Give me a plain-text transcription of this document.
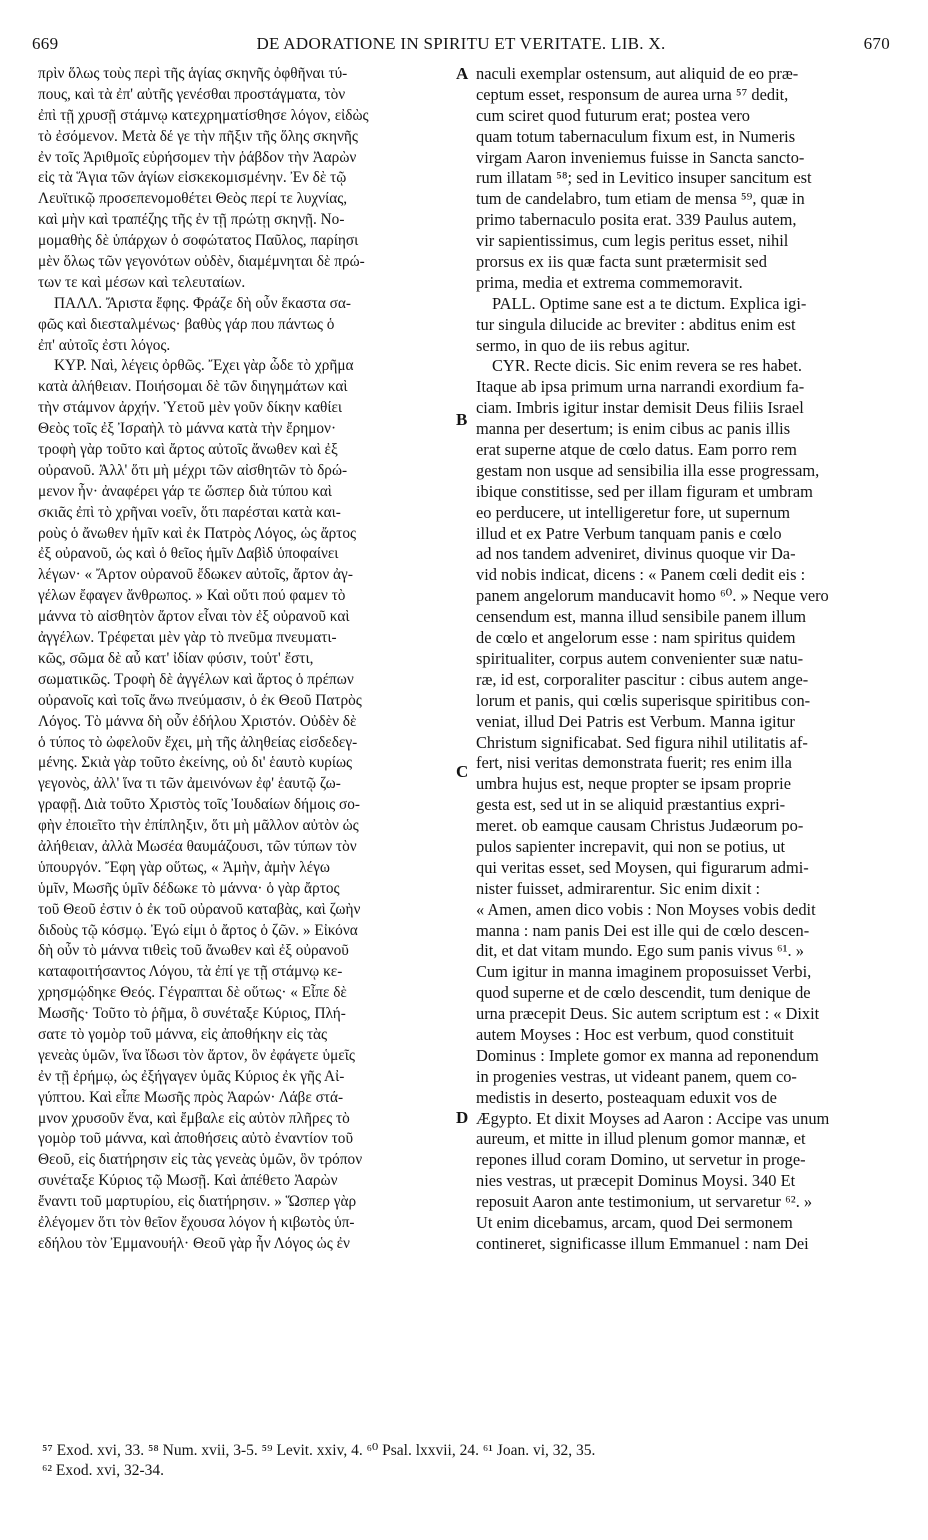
669	DE ADORATIONE IN SPIRITU ET VERITATE. LIB. X.	670
πρὶν ὅλως τοὺς περὶ τῆς ἁγίας σκηνῆς ὀφθῆναι τύ-
πους, καὶ τὰ ἐπ' αὐτῆς γενέσθαι προστάγματα, τὸν
ἐπὶ τῇ χρυσῇ στάμνῳ κατεχρηματίσθησε λόγον, εἰδὼς
τὸ ἐσόμενον. Μετὰ δέ γε τὴν πῆξιν τῆς ὅλης σκηνῆς
ἐν τοῖς Ἀριθμοῖς εὑρήσομεν τὴν ῥάβδον τὴν Ἀαρὼν
εἰς τὰ Ἅγια τῶν ἁγίων εἰσκεκομισμένην. Ἐν δὲ τῷ
Λευϊτικῷ προσεπενομοθέτει Θεὸς περί τε λυχνίας,
καὶ μὴν καὶ τραπέζης τῆς ἐν τῇ πρώτῃ σκηνῇ. Νο-
μομαθὴς δὲ ὑπάρχων ὁ σοφώτατος Παῦλος, παρίησι
μὲν ὅλως τῶν γεγονότων οὐδὲν, διαμέμνηται δὲ πρώ-
των τε καὶ μέσων καὶ τελευταίων.
ΠΑΛΛ. Ἄριστα ἔφης. Φράζε δὴ οὖν ἕκαστα σα-
φῶς καὶ διεσταλμένως· βαθὺς γάρ που πάντως ὁ
ἐπ' αὐτοῖς ἐστι λόγος.
ΚΥΡ. Ναὶ, λέγεις ὀρθῶς. Ἔχει γὰρ ὧδε τὸ χρῆμα
κατὰ ἀλήθειαν. Ποιήσομαι δὲ τῶν διηγημάτων καὶ
τὴν στάμνον ἀρχήν. Ὑετοῦ μὲν γοῦν δίκην καθίει
Θεὸς τοῖς ἐξ Ἰσραὴλ τὸ μάννα κατὰ τὴν ἔρημον·
τροφὴ γὰρ τοῦτο καὶ ἄρτος αὐτοῖς ἄνωθεν καὶ ἐξ
οὐρανοῦ. Ἀλλ' ὅτι μὴ μέχρι τῶν αἰσθητῶν τὸ δρώ-
μενον ἦν· ἀναφέρει γάρ τε ὥσπερ διὰ τύπου καὶ
σκιᾶς ἐπὶ τὸ χρῆναι νοεῖν, ὅτι παρέσται κατὰ και-
ροὺς ὁ ἄνωθεν ἡμῖν καὶ ἐκ Πατρὸς Λόγος, ὡς ἄρτος
ἐξ οὐρανοῦ, ὡς καὶ ὁ θεῖος ἡμῖν Δαβὶδ ὑποφαίνει
λέγων· « Ἄρτον οὐρανοῦ ἔδωκεν αὐτοῖς, ἄρτον ἀγ-
γέλων ἔφαγεν ἄνθρωπος. » Καὶ οὔτι πού φαμεν τὸ
μάννα τὸ αἰσθητὸν ἄρτον εἶναι τὸν ἐξ οὐρανοῦ καὶ
ἀγγέλων. Τρέφεται μὲν γὰρ τὸ πνεῦμα πνευματι-
κῶς, σῶμα δὲ αὖ κατ' ἰδίαν φύσιν, τοὑτ' ἔστι,
σωματικῶς. Τροφὴ δὲ ἀγγέλων καὶ ἄρτος ὁ πρέπων
οὐρανοῖς καὶ τοῖς ἄνω πνεύμασιν, ὁ ἐκ Θεοῦ Πατρὸς
Λόγος. Τὸ μάννα δὴ οὖν ἐδήλου Χριστόν. Οὐδὲν δὲ
ὁ τύπος τὸ ὠφελοῦν ἔχει, μὴ τῆς ἀληθείας εἰσδεδεγ-
μένης. Σκιὰ γὰρ τοῦτο ἐκείνης, οὐ δι' ἑαυτὸ κυρίως
γεγονὸς, ἀλλ' ἵνα τι τῶν ἀμεινόνων ἐφ' ἑαυτῷ ζω-
γραφῇ. Διὰ τοῦτο Χριστὸς τοῖς Ἰουδαίων δήμοις σο-
φὴν ἐποιεῖτο τὴν ἐπίπληξιν, ὅτι μὴ μᾶλλον αὐτὸν ὡς
ἀλήθειαν, ἀλλὰ Μωσέα θαυμάζουσι, τῶν τύπων τὸν
ὑπουργόν. Ἔφη γὰρ οὕτως, « Ἀμὴν, ἀμὴν λέγω
ὑμῖν, Μωσῆς ὑμῖν δέδωκε τὸ μάννα· ὁ γὰρ ἄρτος
τοῦ Θεοῦ ἐστιν ὁ ἐκ τοῦ οὐρανοῦ καταβὰς, καὶ ζωὴν
διδοὺς τῷ κόσμῳ. Ἐγώ εἰμι ὁ ἄρτος ὁ ζῶν. » Εἰκόνα
δὴ οὖν τὸ μάννα τιθεὶς τοῦ ἄνωθεν καὶ ἐξ οὐρανοῦ
καταφοιτήσαντος Λόγου, τὰ ἐπί γε τῇ στάμνῳ κε-
χρησμῴδηκε Θεός. Γέγραπται δὲ οὕτως· « Εἶπε δὲ
Μωσῆς· Τοῦτο τὸ ῥῆμα, ὃ συνέταξε Κύριος, Πλή-
σατε τὸ γομὸρ τοῦ μάννα, εἰς ἀποθήκην εἰς τὰς
γενεὰς ὑμῶν, ἵνα ἴδωσι τὸν ἄρτον, ὃν ἐφάγετε ὑμεῖς
ἐν τῇ ἐρήμῳ, ὡς ἐξήγαγεν ὑμᾶς Κύριος ἐκ γῆς Αἰ-
γύπτου. Καὶ εἶπε Μωσῆς πρὸς Ἀαρών· Λάβε στά-
μνον χρυσοῦν ἕνα, καὶ ἔμβαλε εἰς αὐτὸν πλῆρες τὸ
γομὸρ τοῦ μάννα, καὶ ἀποθήσεις αὐτὸ ἐναντίον τοῦ
Θεοῦ, εἰς διατήρησιν εἰς τὰς γενεὰς ὑμῶν, ὃν τρόπον
συνέταξε Κύριος τῷ Μωσῇ. Καὶ ἀπέθετο Ἀαρὼν
ἔναντι τοῦ μαρτυρίου, εἰς διατήρησιν. » Ὥσπερ γὰρ
ἐλέγομεν ὅτι τὸν θεῖον ἔχουσα λόγον ἡ κιβωτὸς ὑπ-
εδήλου τὸν Ἐμμανουήλ· Θεοῦ γὰρ ἦν Λόγος ὡς ἐν
naculi exemplar ostensum, aut aliquid de eo præ-
ceptum esset, responsum de aurea urna ⁵⁷ dedit,
cum sciret quod futurum erat; postea vero
quam totum tabernaculum fixum est, in Numeris
virgam Aaron inveniemus fuisse in Sancta sancto-
rum illatam ⁵⁸; sed in Levitico insuper sancitum est
tum de candelabro, tum etiam de mensa ⁵⁹, quæ in
primo tabernaculo posita erat. 339 Paulus autem,
vir sapientissimus, cum legis peritus esset, nihil
prorsus ex iis quæ facta sunt prætermisit sed
prima, media et extrema commemoravit.
PALL. Optime sane est a te dictum. Explica igi-
tur singula dilucide ac breviter : abditus enim est
sermo, in quo de iis rebus agitur.
CYR. Recte dicis. Sic enim revera se res habet.
Itaque ab ipsa primum urna narrandi exordium fa-
ciam. Imbris igitur instar demisit Deus filiis Israel
manna per desertum; is enim cibus ac panis illis
erat superne atque de cœlo datus. Eam porro rem
gestam non usque ad sensibilia illa esse progressam,
ibique constitisse, sed per illam figuram et umbram
eo perducere, ut intelligeretur fore, ut supernum
illud et ex Patre Verbum tanquam panis e cœlo
ad nos tandem adveniret, divinus quoque vir Da-
vid nobis indicat, dicens : « Panem cœli dedit eis :
panem angelorum manducavit homo ⁶⁰. » Neque vero
censendum est, manna illud sensibile panem illum
de cœlo et angelorum esse : nam spiritus quidem
spiritualiter, corpus autem convenienter suæ natu-
ræ, id est, corporaliter pascitur : cibus autem ange-
lorum et panis, qui cœlis superisque spiritibus con-
veniat, illud Dei Patris est Verbum. Manna igitur
Christum significabat. Sed figura nihil utilitatis af-
fert, nisi veritas demonstrata fuerit; res enim illa
umbra hujus est, neque propter se ipsam proprie
gesta est, sed ut in se aliquid præstantius expri-
meret. ob eamque causam Christus Judæorum po-
pulos sapienter increpavit, qui non se potius, ut
qui veritas esset, sed Moysen, qui figurarum admi-
nister fuisset, admirarentur. Sic enim dixit :
« Amen, amen dico vobis : Non Moyses vobis dedit
manna : nam panis Dei est ille qui de cœlo descen-
dit, et dat vitam mundo. Ego sum panis vivus ⁶¹. »
Cum igitur in manna imaginem proposuisset Verbi,
quod superne et de cœlo descendit, tum denique de
urna præcepit Deus. Sic autem scriptum est : « Dixit
autem Moyses : Hoc est verbum, quod constituit
Dominus : Implete gomor ex manna ad reponendum
in progenies vestras, ut videant panem, quem co-
medistis in deserto, posteaquam eduxit vos de
Ægypto. Et dixit Moyses ad Aaron : Accipe vas unum
aureum, et mitte in illud plenum gomor mannæ, et
repones illud coram Domino, ut servetur in proge-
nies vestras, ut præcepit Dominus Moysi. 340 Et
reposuit Aaron ante testimonium, ut servaretur ⁶². »
Ut enim dicebamus, arcam, quod Dei sermonem
contineret, significasse illum Emmanuel : nam Dei
A
B
C
D
⁵⁷ Exod. xvi, 33. ⁵⁸ Num. xvii, 3-5. ⁵⁹ Levit. xxiv, 4. ⁶⁰ Psal. lxxvii, 24. ⁶¹ Joan. vi, 32, 35.
⁶² Exod. xvi, 32-34.
